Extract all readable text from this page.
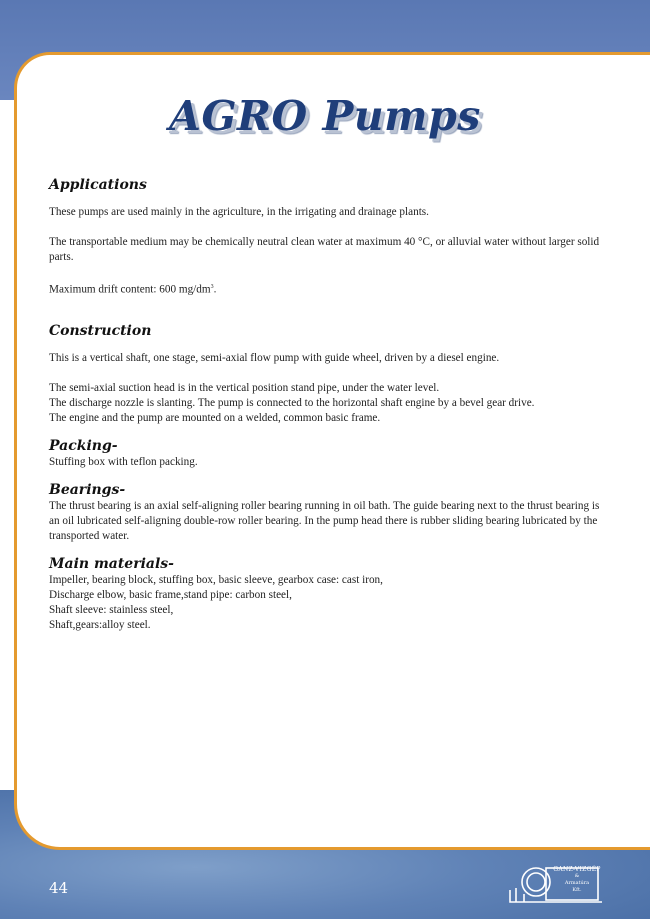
AGRO Pumps
Applications

These pumps are used mainly in the agriculture, in the irrigating and drainage plants.

The transportable medium may be chemically neutral clean water at maximum 40 °C, or alluvial water without larger solid parts.

Maximum drift content: 600 $mg/dm^3$.

Construction

This is a vertical shaft, one stage, semi-axial flow pump with guide wheel, driven by a diesel engine.

The semi-axial suction head is in the vertical position stand pipe, under the water level.

The discharge nozzle is slanting. The pump is connected to the horizontal shaft engine by a bevel gear drive.

The engine and the pump are mounted on a welded, common basic frame.

Packing-

Stuffing box with teflon packing.

Bearings-

The thrust bearing is an axial self-aligning roller bearing running in oil bath. The guide bearing next to the thrust bearing is an oil lubricated self-aligning double-row roller bearing. In the pump head there is rubber sliding bearing lubricated by the transported water.

Main materials-

Impeller, bearing block, stuffing box, basic sleeve, gearbox case: cast iron,

Discharge elbow, basic frame,stand pipe: carbon steel,

Shaft sleeve: stainless steel,

Shaft,gears:alloy steel.

44
GANZ-VIZGÉP
&
Armatúra
Kft.
